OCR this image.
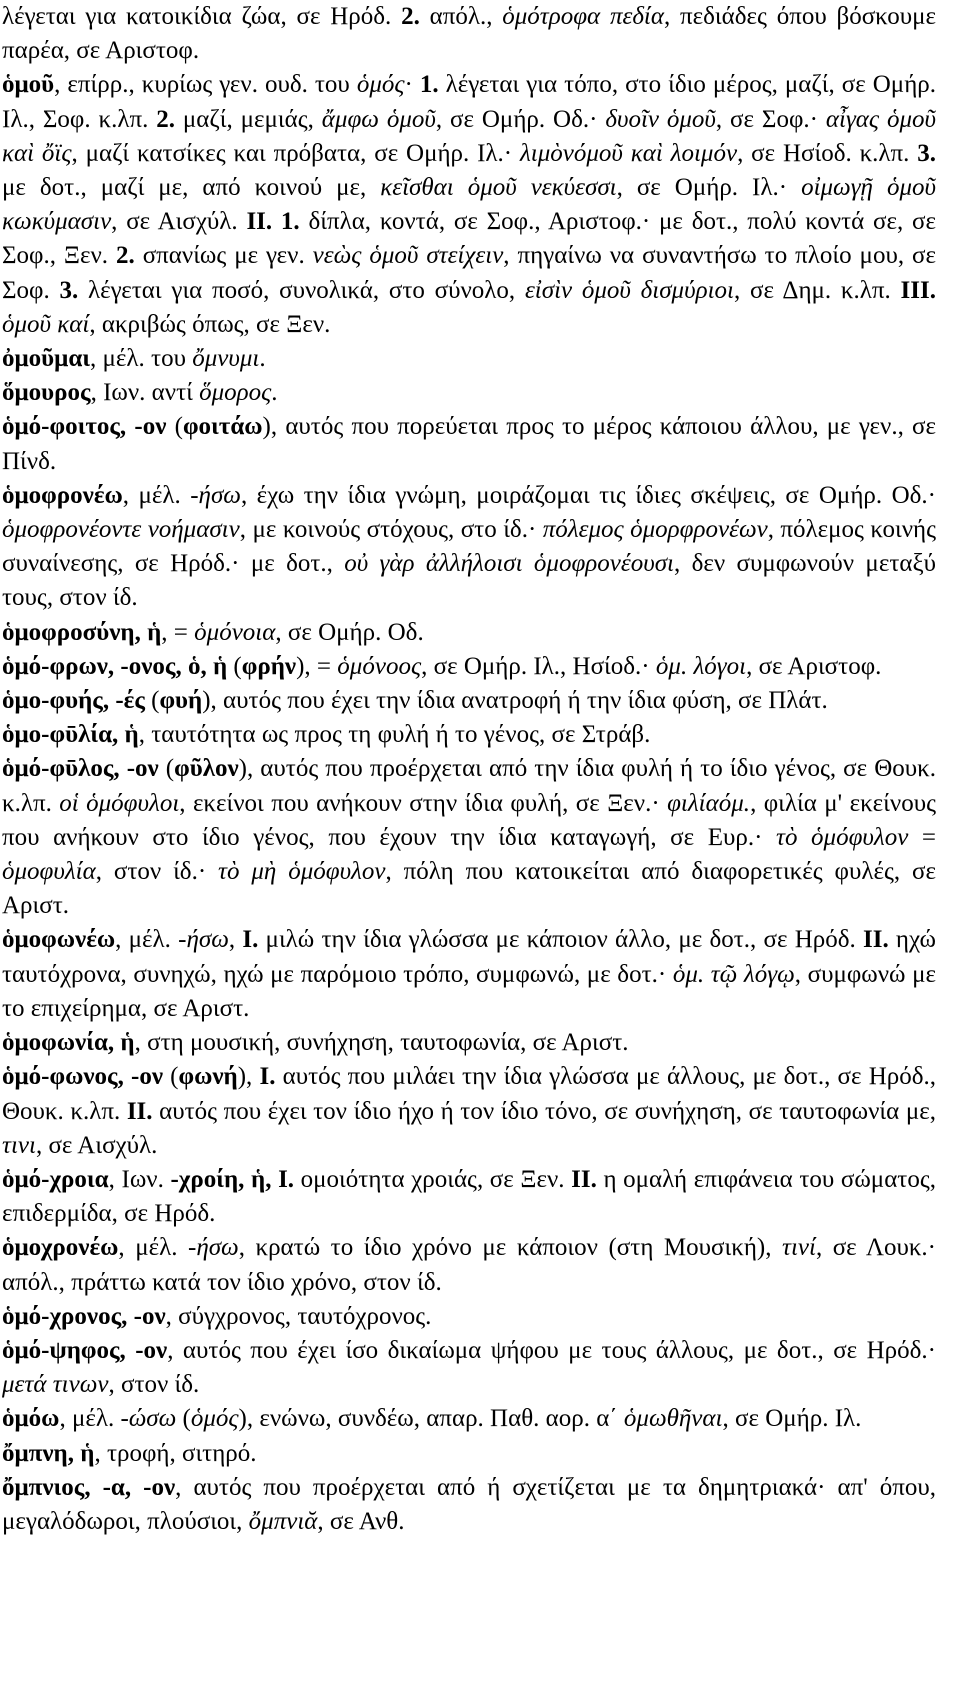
λέγεται για κατοικίδια ζώα, σε Ηρόδ. 2. απόλ., ὁμότροφα πεδία, πεδιάδες όπου βόσκουμε παρέα, σε Αριστοφ.

ὁμοῦ, επίρρ., κυρίως γεν. ουδ. του ὁμός· 1. λέγεται για τόπο, στο ίδιο μέρος, μαζί, σε Ομήρ. Ιλ., Σοφ. κ.λπ. 2. μαζί, μεμιάς, ἄμφω ὁμοῦ, σε Ομήρ. Οδ.· δυοῖν ὁμοῦ, σε Σοφ.· αἶγας ὁμοῦ καὶ ὄϊς, μαζί κατσίκες και πρόβατα, σε Ομήρ. Ιλ.· λιμὸνόμοῦ καὶ λοιμόν, σε Ησίοδ. κ.λπ. 3. με δοτ., μαζί με, από κοινού με, κεῖσθαι ὁμοῦ νεκύεσσι, σε Ομήρ. Ιλ.· οἰμωγῇ ὁμοῦ κωκύμασιν, σε Αισχύλ. II. 1. δίπλα, κοντά, σε Σοφ., Αριστοφ.· με δοτ., πολύ κοντά σε, σε Σοφ., Ξεν. 2. σπανίως με γεν. νεὼς ὁμοῦ στείχειν, πηγαίνω να συναντήσω το πλοίο μου, σε Σοφ. 3. λέγεται για ποσό, συνολικά, στο σύνολο, εἰσὶν ὁμοῦ δισμύριοι, σε Δημ. κ.λπ. III. ὁμοῦ καί, ακριβώς όπως, σε Ξεν.

ὀμοῦμαι, μέλ. του ὄμνυμι.

ὅμουρος, Ιων. αντί ὅμορος.

ὁμό-φοιτος, -ον (φοιτάω), αυτός που πορεύεται προς το μέρος κάποιου άλλου, με γεν., σε Πίνδ.

ὁμοφρονέω, μέλ. -ήσω, έχω την ίδια γνώμη, μοιράζομαι τις ίδιες σκέψεις, σε Ομήρ. Οδ.· ὁμοφρονέοντε νοήμασιν, με κοινούς στόχους, στο ίδ.· πόλεμος ὁμορφρονέων, πόλεμος κοινής συναίνεσης, σε Ηρόδ.· με δοτ., οὐ γὰρ ἀλλήλοισι ὁμοφρονέουσι, δεν συμφωνούν μεταξύ τους, στον ίδ.

ὁμοφροσύνη, ἡ, = ὁμόνοια, σε Ομήρ. Οδ.

ὁμό-φρων, -ονος, ὁ, ἡ (φρήν), = ὁμόνοος, σε Ομήρ. Ιλ., Ησίοδ.· ὁμ. λόγοι, σε Αριστοφ.

ὁμο-φυής, -ές (φυή), αυτός που έχει την ίδια ανατροφή ή την ίδια φύση, σε Πλάτ.

ὁμο-φῡλία, ἡ, ταυτότητα ως προς τη φυλή ή το γένος, σε Στράβ.

ὁμό-φῡλος, -ον (φῦλον), αυτός που προέρχεται από την ίδια φυλή ή το ίδιο γένος, σε Θουκ. κ.λπ. οἱ ὁμόφυλοι, εκείνοι που ανήκουν στην ίδια φυλή, σε Ξεν.· φιλίαόμ., φιλία μ' εκείνους που ανήκουν στο ίδιο γένος, που έχουν την ίδια καταγωγή, σε Ευρ.· τὸ ὁμόφυλον = ὁμοφυλία, στον ίδ.· τὸ μὴ ὁμόφυλον, πόλη που κατοικείται από διαφορετικές φυλές, σε Αριστ.

ὁμοφωνέω, μέλ. -ήσω, I. μιλώ την ίδια γλώσσα με κάποιον άλλο, με δοτ., σε Ηρόδ. II. ηχώ ταυτόχρονα, συνηχώ, ηχώ με παρόμοιο τρόπο, συμφωνώ, με δοτ.· ὁμ. τῷ λόγῳ, συμφωνώ με το επιχείρημα, σε Αριστ.

ὁμοφωνία, ἡ, στη μουσική, συνήχηση, ταυτοφωνία, σε Αριστ.

ὁμό-φωνος, -ον (φωνή), I. αυτός που μιλάει την ίδια γλώσσα με άλλους, με δοτ., σε Ηρόδ., Θουκ. κ.λπ. II. αυτός που έχει τον ίδιο ήχο ή τον ίδιο τόνο, σε συνήχηση, σε ταυτοφωνία με, τινι, σε Αισχύλ.

ὁμό-χροια, Ιων. -χροίη, ἡ, I. ομοιότητα χροιάς, σε Ξεν. II. η ομαλή επιφάνεια του σώματος, επιδερμίδα, σε Ηρόδ.

ὁμοχρονέω, μέλ. -ήσω, κρατώ το ίδιο χρόνο με κάποιον (στη Μουσική), τινί, σε Λουκ.· απόλ., πράττω κατά τον ίδιο χρόνο, στον ίδ.

ὁμό-χρονος, -ον, σύγχρονος, ταυτόχρονος.

ὁμό-ψηφος, -ον, αυτός που έχει ίσο δικαίωμα ψήφου με τους άλλους, με δοτ., σε Ηρόδ.· μετά τινων, στον ίδ.

ὁμόω, μέλ. -ώσω (ὁμός), ενώνω, συνδέω, απαρ. Παθ. αορ. α΄ ὁμωθῆναι, σε Ομήρ. Ιλ.

ὄμπνη, ἡ, τροφή, σιτηρό.

ὄμπνιος, -α, -ον, αυτός που προέρχεται από ή σχετίζεται με τα δημητριακά· απ' όπου, μεγαλόδωροι, πλούσιοι, ὄμπνιᾰ, σε Ανθ.
